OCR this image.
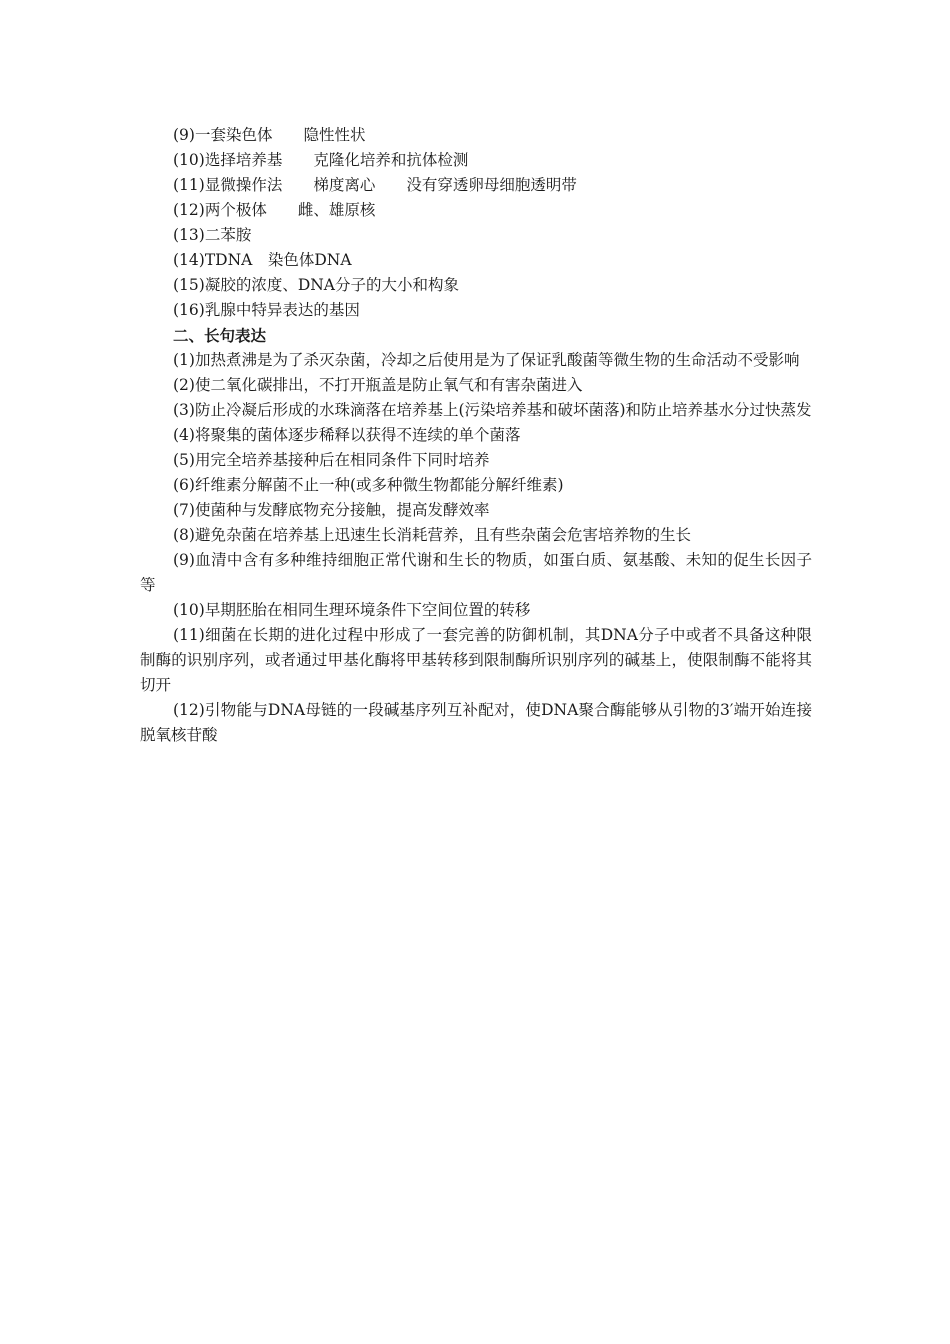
(9)一套染色体　　隐性性状

(10)选择培养基　　克隆化培养和抗体检测

(11)显微操作法　　梯度离心　　没有穿透卵母细胞透明带

(12)两个极体　　雌、雄原核

(13)二苯胺

(14)TDNA　染色体DNA

(15)凝胶的浓度、DNA分子的大小和构象

(16)乳腺中特异表达的基因

二、长句表达

(1)加热煮沸是为了杀灭杂菌，冷却之后使用是为了保证乳酸菌等微生物的生命活动不受影响

(2)使二氧化碳排出，不打开瓶盖是防止氧气和有害杂菌进入

(3)防止冷凝后形成的水珠滴落在培养基上(污染培养基和破坏菌落)和防止培养基水分过快蒸发

(4)将聚集的菌体逐步稀释以获得不连续的单个菌落

(5)用完全培养基接种后在相同条件下同时培养

(6)纤维素分解菌不止一种(或多种微生物都能分解纤维素)

(7)使菌种与发酵底物充分接触，提高发酵效率

(8)避免杂菌在培养基上迅速生长消耗营养，且有些杂菌会危害培养物的生长

(9)血清中含有多种维持细胞正常代谢和生长的物质，如蛋白质、氨基酸、未知的促生长因子等

(10)早期胚胎在相同生理环境条件下空间位置的转移

(11)细菌在长期的进化过程中形成了一套完善的防御机制，其DNA分子中或者不具备这种限制酶的识别序列，或者通过甲基化酶将甲基转移到限制酶所识别序列的碱基上，使限制酶不能将其切开

(12)引物能与DNA母链的一段碱基序列互补配对，使DNA聚合酶能够从引物的3′端开始连接脱氧核苷酸
